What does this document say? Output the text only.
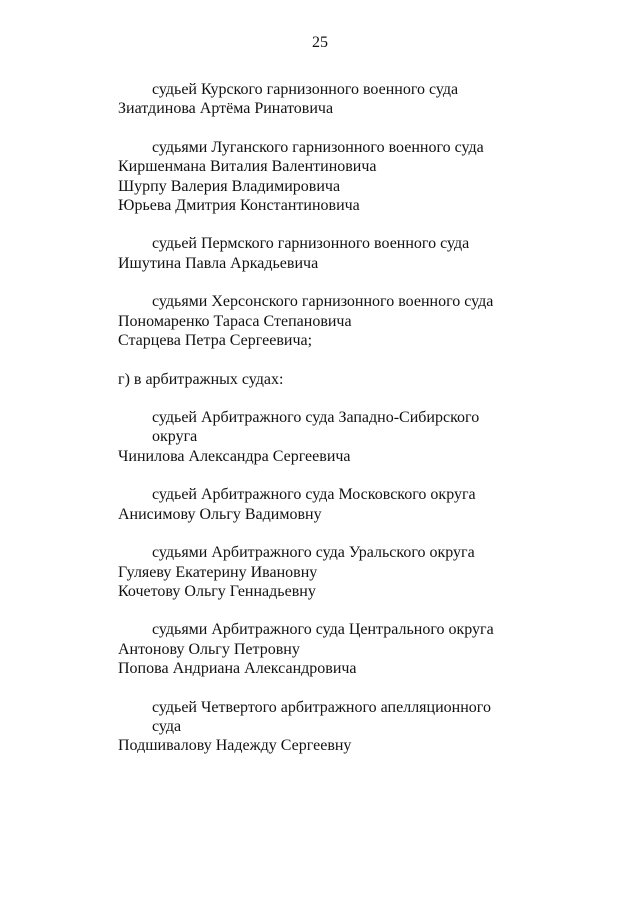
25
судьей Курского гарнизонного военного суда
Зиатдинова Артёма Ринатовича
судьями Луганского гарнизонного военного суда
Киршенмана Виталия Валентиновича
Шурпу Валерия Владимировича
Юрьева Дмитрия Константиновича
судьей Пермского гарнизонного военного суда
Ишутина Павла Аркадьевича
судьями Херсонского гарнизонного военного суда
Пономаренко Тараса Степановича
Старцева Петра Сергеевича;
г) в арбитражных судах:
судьей Арбитражного суда Западно-Сибирского
округа
Чинилова Александра Сергеевича
судьей Арбитражного суда Московского округа
Анисимову Ольгу Вадимовну
судьями Арбитражного суда Уральского округа
Гуляеву Екатерину Ивановну
Кочетову Ольгу Геннадьевну
судьями Арбитражного суда Центрального округа
Антонову Ольгу Петровну
Попова Андриана Александровича
судьей Четвертого арбитражного апелляционного
суда
Подшивалову Надежду Сергеевну
